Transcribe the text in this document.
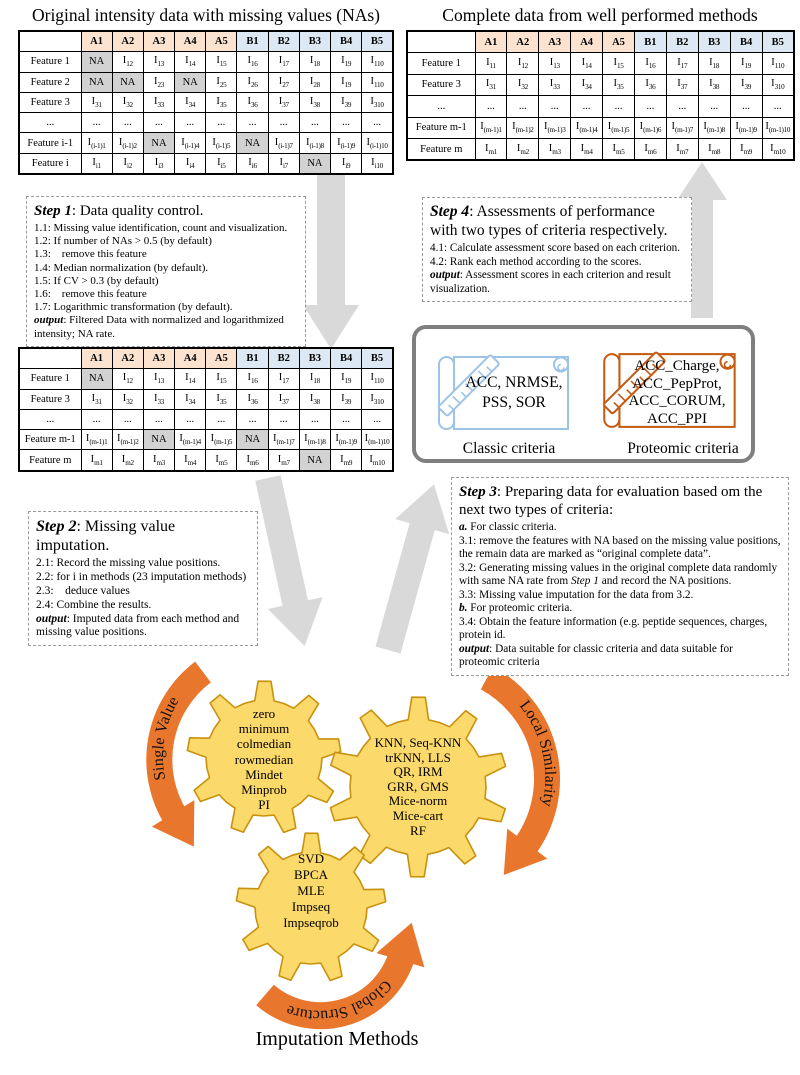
Single Value	Local Similarity
Global Structure
Original intensity data with missing values (NAs)	Complete data from well performed methods
	A1	A2	A3	A4	A5	B1	B2	B3	B4	B5
Feature 1	NA	$I_{12}$	$I_{13}$	$I_{14}$	$I_{15}$	$I_{16}$	$I_{17}$	$I_{18}$	$I_{19}$	$I_{110}$
Feature 2	NA	NA	$I_{23}$	NA	$I_{25}$	$I_{26}$	$I_{27}$	$I_{28}$	$I_{19}$	$I_{110}$
Feature 3	$I_{31}$	$I_{32}$	$I_{33}$	$I_{34}$	$I_{35}$	$I_{36}$	$I_{37}$	$I_{38}$	$I_{39}$	$I_{310}$
...	...	...	...	...	...	...	...	...	...	...
Feature i-1	$I_{(i-1)1}$	$I_{(i-1)2}$	NA	$I_{(i-1)4}$	$I_{(i-1)5}$	NA	$I_{(i-1)7}$	$I_{(i-1)8}$	$I_{(i-1)9}$	$I_{(i-1)10}$
Feature i	$I_{i1}$	$I_{i2}$	$I_{i3}$	$I_{i4}$	$I_{i5}$	$I_{i6}$	$I_{i7}$	NA	$I_{i9}$	$I_{i10}$
	A1	A2	A3	A4	A5	B1	B2	B3	B4	B5
Feature 1	$I_{11}$	$I_{12}$	$I_{13}$	$I_{14}$	$I_{15}$	$I_{16}$	$I_{17}$	$I_{18}$	$I_{19}$	$I_{110}$
Feature 3	$I_{31}$	$I_{32}$	$I_{33}$	$I_{34}$	$I_{35}$	$I_{36}$	$I_{37}$	$I_{38}$	$I_{39}$	$I_{310}$
...	...	...	...	...	...	...	...	...	...	...
Feature m-1	$I_{(m-1)1}$	$I_{(m-1)2}$	$I_{(m-1)3}$	$I_{(m-1)4}$	$I_{(m-1)5}$	$I_{(m-1)6}$	$I_{(m-1)7}$	$I_{(m-1)8}$	$I_{(m-1)9}$	$I_{(m-1)10}$
Feature m	$I_{m1}$	$I_{m2}$	$I_{m3}$	$I_{m4}$	$I_{m5}$	$I_{m6}$	$I_{m7}$	$I_{m8}$	$I_{m9}$	$I_{m10}$
	A1	A2	A3	A4	A5	B1	B2	B3	B4	B5
Feature 1	NA	$I_{12}$	$I_{13}$	$I_{14}$	$I_{15}$	$I_{16}$	$I_{17}$	$I_{18}$	$I_{19}$	$I_{110}$
Feature 3	$I_{31}$	$I_{32}$	$I_{33}$	$I_{34}$	$I_{35}$	$I_{36}$	$I_{37}$	$I_{38}$	$I_{39}$	$I_{310}$
...	...	...	...	...	...	...	...	...	...	...
Feature m-1	$I_{(m-1)1}$	$I_{(m-1)2}$	NA	$I_{(m-1)4}$	$I_{(m-1)5}$	NA	$I_{(m-1)7}$	$I_{(m-1)8}$	$I_{(m-1)9}$	$I_{(m-1)10}$
Feature m	$I_{m1}$	$I_{m2}$	$I_{m3}$	$I_{m4}$	$I_{m5}$	$I_{m6}$	$I_{m7}$	NA	$I_{m9}$	$I_{m10}$
Step 1: Data quality control.
1.1: Missing value identification, count and visualization.
1.2: If number of NAs > 0.5 (by default)
1.3:    remove this feature
1.4: Median normalization (by default).
1.5: If CV > 0.3 (by default)
1.6:    remove this feature
1.7: Logarithmic transformation (by default).
output: Filtered Data with normalized and logarithmized intensity; NA rate.
Step 4: Assessments of performance with two types of criteria respectively.
4.1: Calculate assessment score based on each criterion.
4.2: Rank each method according to the scores.
output: Assessment scores in each criterion and result visualization.
Step 2: Missing value imputation.
2.1: Record the missing value positions.
2.2: for i in methods (23 imputation methods)
2.3:    deduce values
2.4: Combine the results.
output: Imputed data from each method and missing value positions.
Step 3: Preparing data for evaluation based om the next two types of criteria:
a. For classic criteria.
3.1: remove the features with NA based on the missing value positions, the remain data are marked as “original complete data”.
3.2: Generating missing values in the original complete data randomly with same NA rate from Step 1 and record the NA positions.
3.3: Missing value imputation for the data from 3.2.
b. For proteomic criteria.
3.4: Obtain the feature information (e.g. peptide sequences, charges, protein id.
output: Data suitable for classic criteria and data suitable for proteomic criteria
ACC, NRMSE,
PSS, SOR
ACC_Charge,
ACC_PepProt,
ACC_CORUM,
ACC_PPI
Classic criteria	Proteomic criteria
zero
minimum
colmedian
rowmedian
Mindet
Minprob
PI
KNN, Seq-KNN
trKNN, LLS
QR, IRM
GRR, GMS
Mice-norm
Mice-cart
RF
SVD
BPCA
MLE
Impseq
Impseqrob
Imputation Methods
